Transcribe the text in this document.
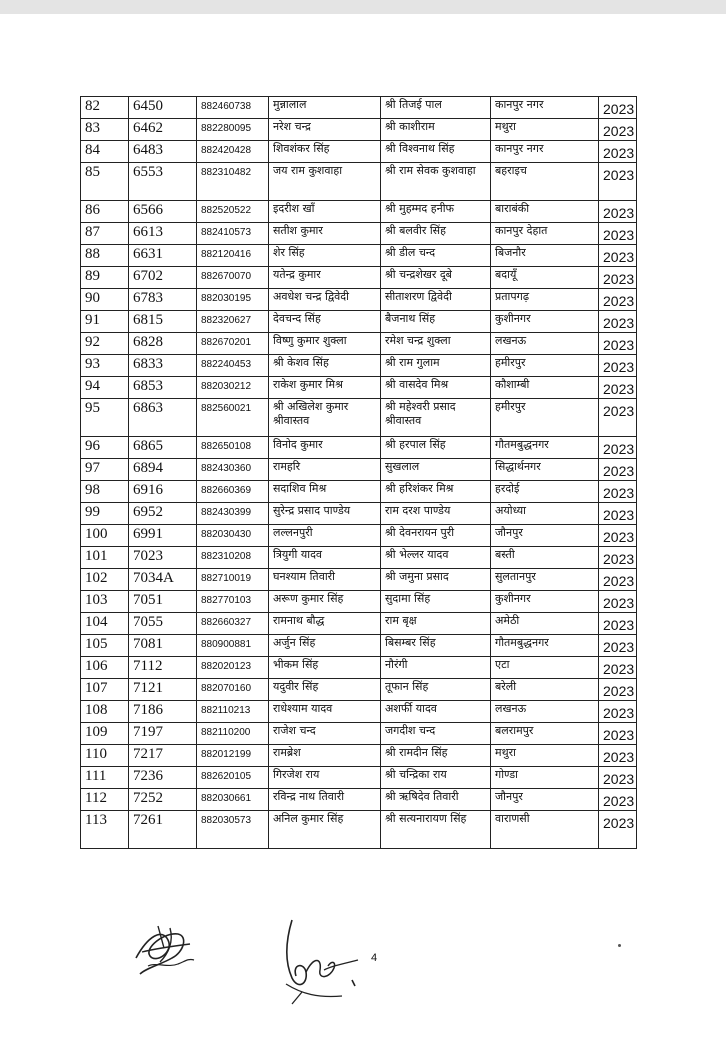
82	6450	882460738	मुन्नालाल	श्री तिजई पाल	कानपुर नगर	2023
83	6462	882280095	नरेश चन्द्र	श्री काशीराम	मथुरा	2023
84	6483	882420428	शिवशंकर सिंह	श्री विश्वनाथ सिंह	कानपुर नगर	2023
85	6553	882310482	जय राम कुशवाहा	श्री राम सेवक कुशवाहा	बहराइच	2023
86	6566	882520522	इदरीश खाँ	श्री मुहम्मद हनीफ	बाराबंकी	2023
87	6613	882410573	सतीश कुमार	श्री बलवीर सिंह	कानपुर देहात	2023
88	6631	882120416	शेर सिंह	श्री डील चन्द	बिजनौर	2023
89	6702	882670070	यतेन्द्र कुमार	श्री चन्द्रशेखर दूबे	बदायूँ	2023
90	6783	882030195	अवधेश चन्द्र द्विवेदी	सीताशरण द्विवेदी	प्रतापगढ़	2023
91	6815	882320627	देवचन्द सिंह	बैजनाथ सिंह	कुशीनगर	2023
92	6828	882670201	विष्णु कुमार शुक्ला	रमेश चन्द्र शुक्ला	लखनऊ	2023
93	6833	882240453	श्री केशव सिंह	श्री राम गुलाम	हमीरपुर	2023
94	6853	882030212	राकेश कुमार मिश्र	श्री वासदेव मिश्र	कौशाम्बी	2023
95	6863	882560021	श्री अखिलेश कुमार श्रीवास्तव	श्री महेश्वरी प्रसाद श्रीवास्तव	हमीरपुर	2023
96	6865	882650108	विनोद कुमार	श्री हरपाल सिंह	गौतमबुद्धनगर	2023
97	6894	882430360	रामहरि	सुखलाल	सिद्धार्थनगर	2023
98	6916	882660369	सदाशिव मिश्र	श्री हरिशंकर मिश्र	हरदोई	2023
99	6952	882430399	सुरेन्द्र प्रसाद पाण्डेय	राम दरश पाण्डेय	अयोध्या	2023
100	6991	882030430	लल्लनपुरी	श्री देवनरायन पुरी	जौनपुर	2023
101	7023	882310208	त्रियुगी यादव	श्री भेल्लर यादव	बस्ती	2023
102	7034A	882710019	घनश्याम तिवारी	श्री जमुना प्रसाद	सुलतानपुर	2023
103	7051	882770103	अरूण कुमार सिंह	सुदामा सिंह	कुशीनगर	2023
104	7055	882660327	रामनाथ बौद्ध	राम बृक्ष	अमेठी	2023
105	7081	880900881	अर्जुन सिंह	बिसम्बर सिंह	गौतमबुद्धनगर	2023
106	7112	882020123	भीकम सिंह	नौरंगी	एटा	2023
107	7121	882070160	यदुवीर सिंह	तूफान सिंह	बरेली	2023
108	7186	882110213	राधेश्याम यादव	अशर्फी यादव	लखनऊ	2023
109	7197	882110200	राजेश चन्द	जगदीश चन्द	बलरामपुर	2023
110	7217	882012199	रामब्रेश	श्री रामदीन सिंह	मथुरा	2023
111	7236	882620105	गिरजेश राय	श्री चन्द्रिका राय	गोण्डा	2023
112	7252	882030661	रविन्द्र नाथ तिवारी	श्री ऋषिदेव तिवारी	जौनपुर	2023
113	7261	882030573	अनिल कुमार सिंह	श्री सत्यनारायण सिंह	वाराणसी	2023
4
